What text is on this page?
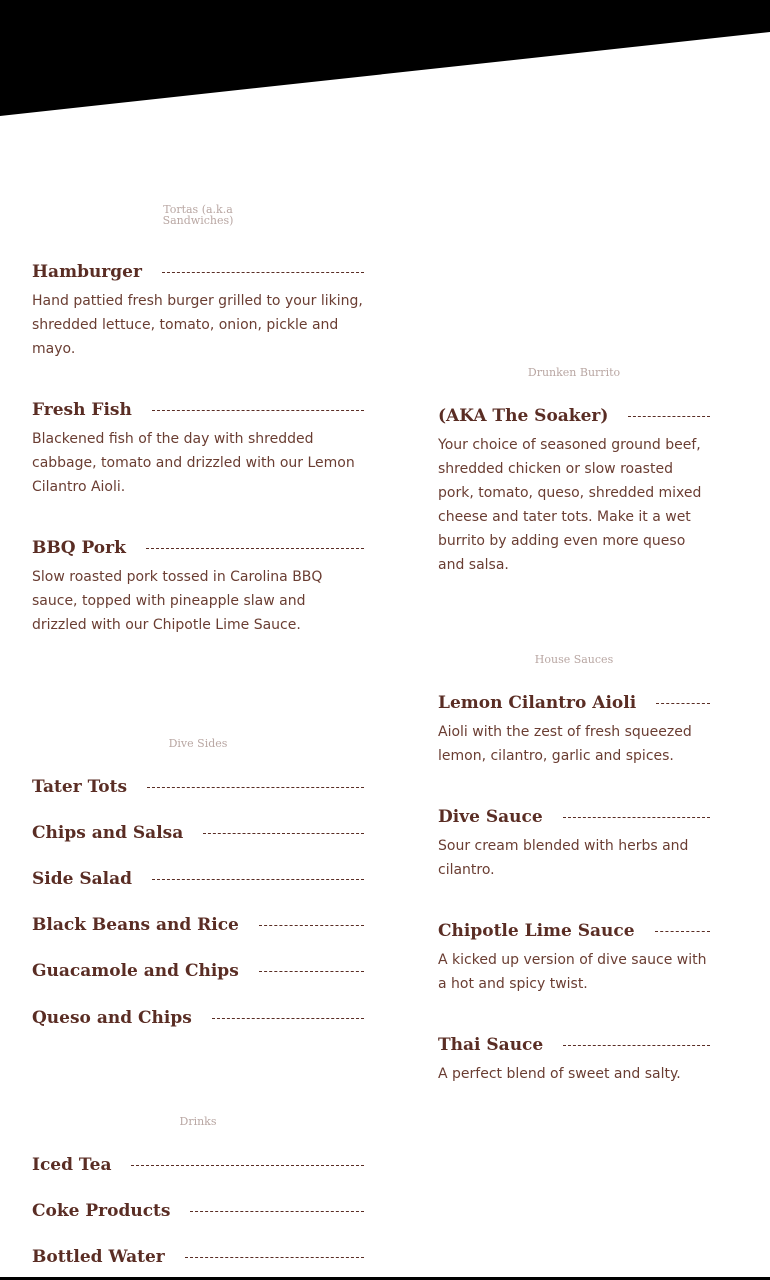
Tortas (a.k.a Sandwiches)
Hamburger
Hand pattied fresh burger grilled to your liking, shredded lettuce, tomato, onion, pickle and mayo.
Fresh Fish
Blackened fish of the day with shredded cabbage, tomato and drizzled with our Lemon Cilantro Aioli.
BBQ Pork
Slow roasted pork tossed in Carolina BBQ sauce, topped with pineapple slaw and drizzled with our Chipotle Lime Sauce.
Dive Sides
Tater Tots
Chips and Salsa
Side Salad
Black Beans and Rice
Guacamole and Chips
Queso and Chips
Drinks
Iced Tea
Coke Products
Bottled Water
Drunken Burrito
(AKA The Soaker)
Your choice of seasoned ground beef, shredded chicken or slow roasted pork, tomato, queso, shredded mixed cheese and tater tots. Make it a wet burrito by adding even more queso and salsa.
House Sauces
Lemon Cilantro Aioli
Aioli with the zest of fresh squeezed lemon, cilantro, garlic and spices.
Dive Sauce
Sour cream blended with herbs and cilantro.
Chipotle Lime Sauce
A kicked up version of dive sauce with a hot and spicy twist.
Thai Sauce
A perfect blend of sweet and salty.
